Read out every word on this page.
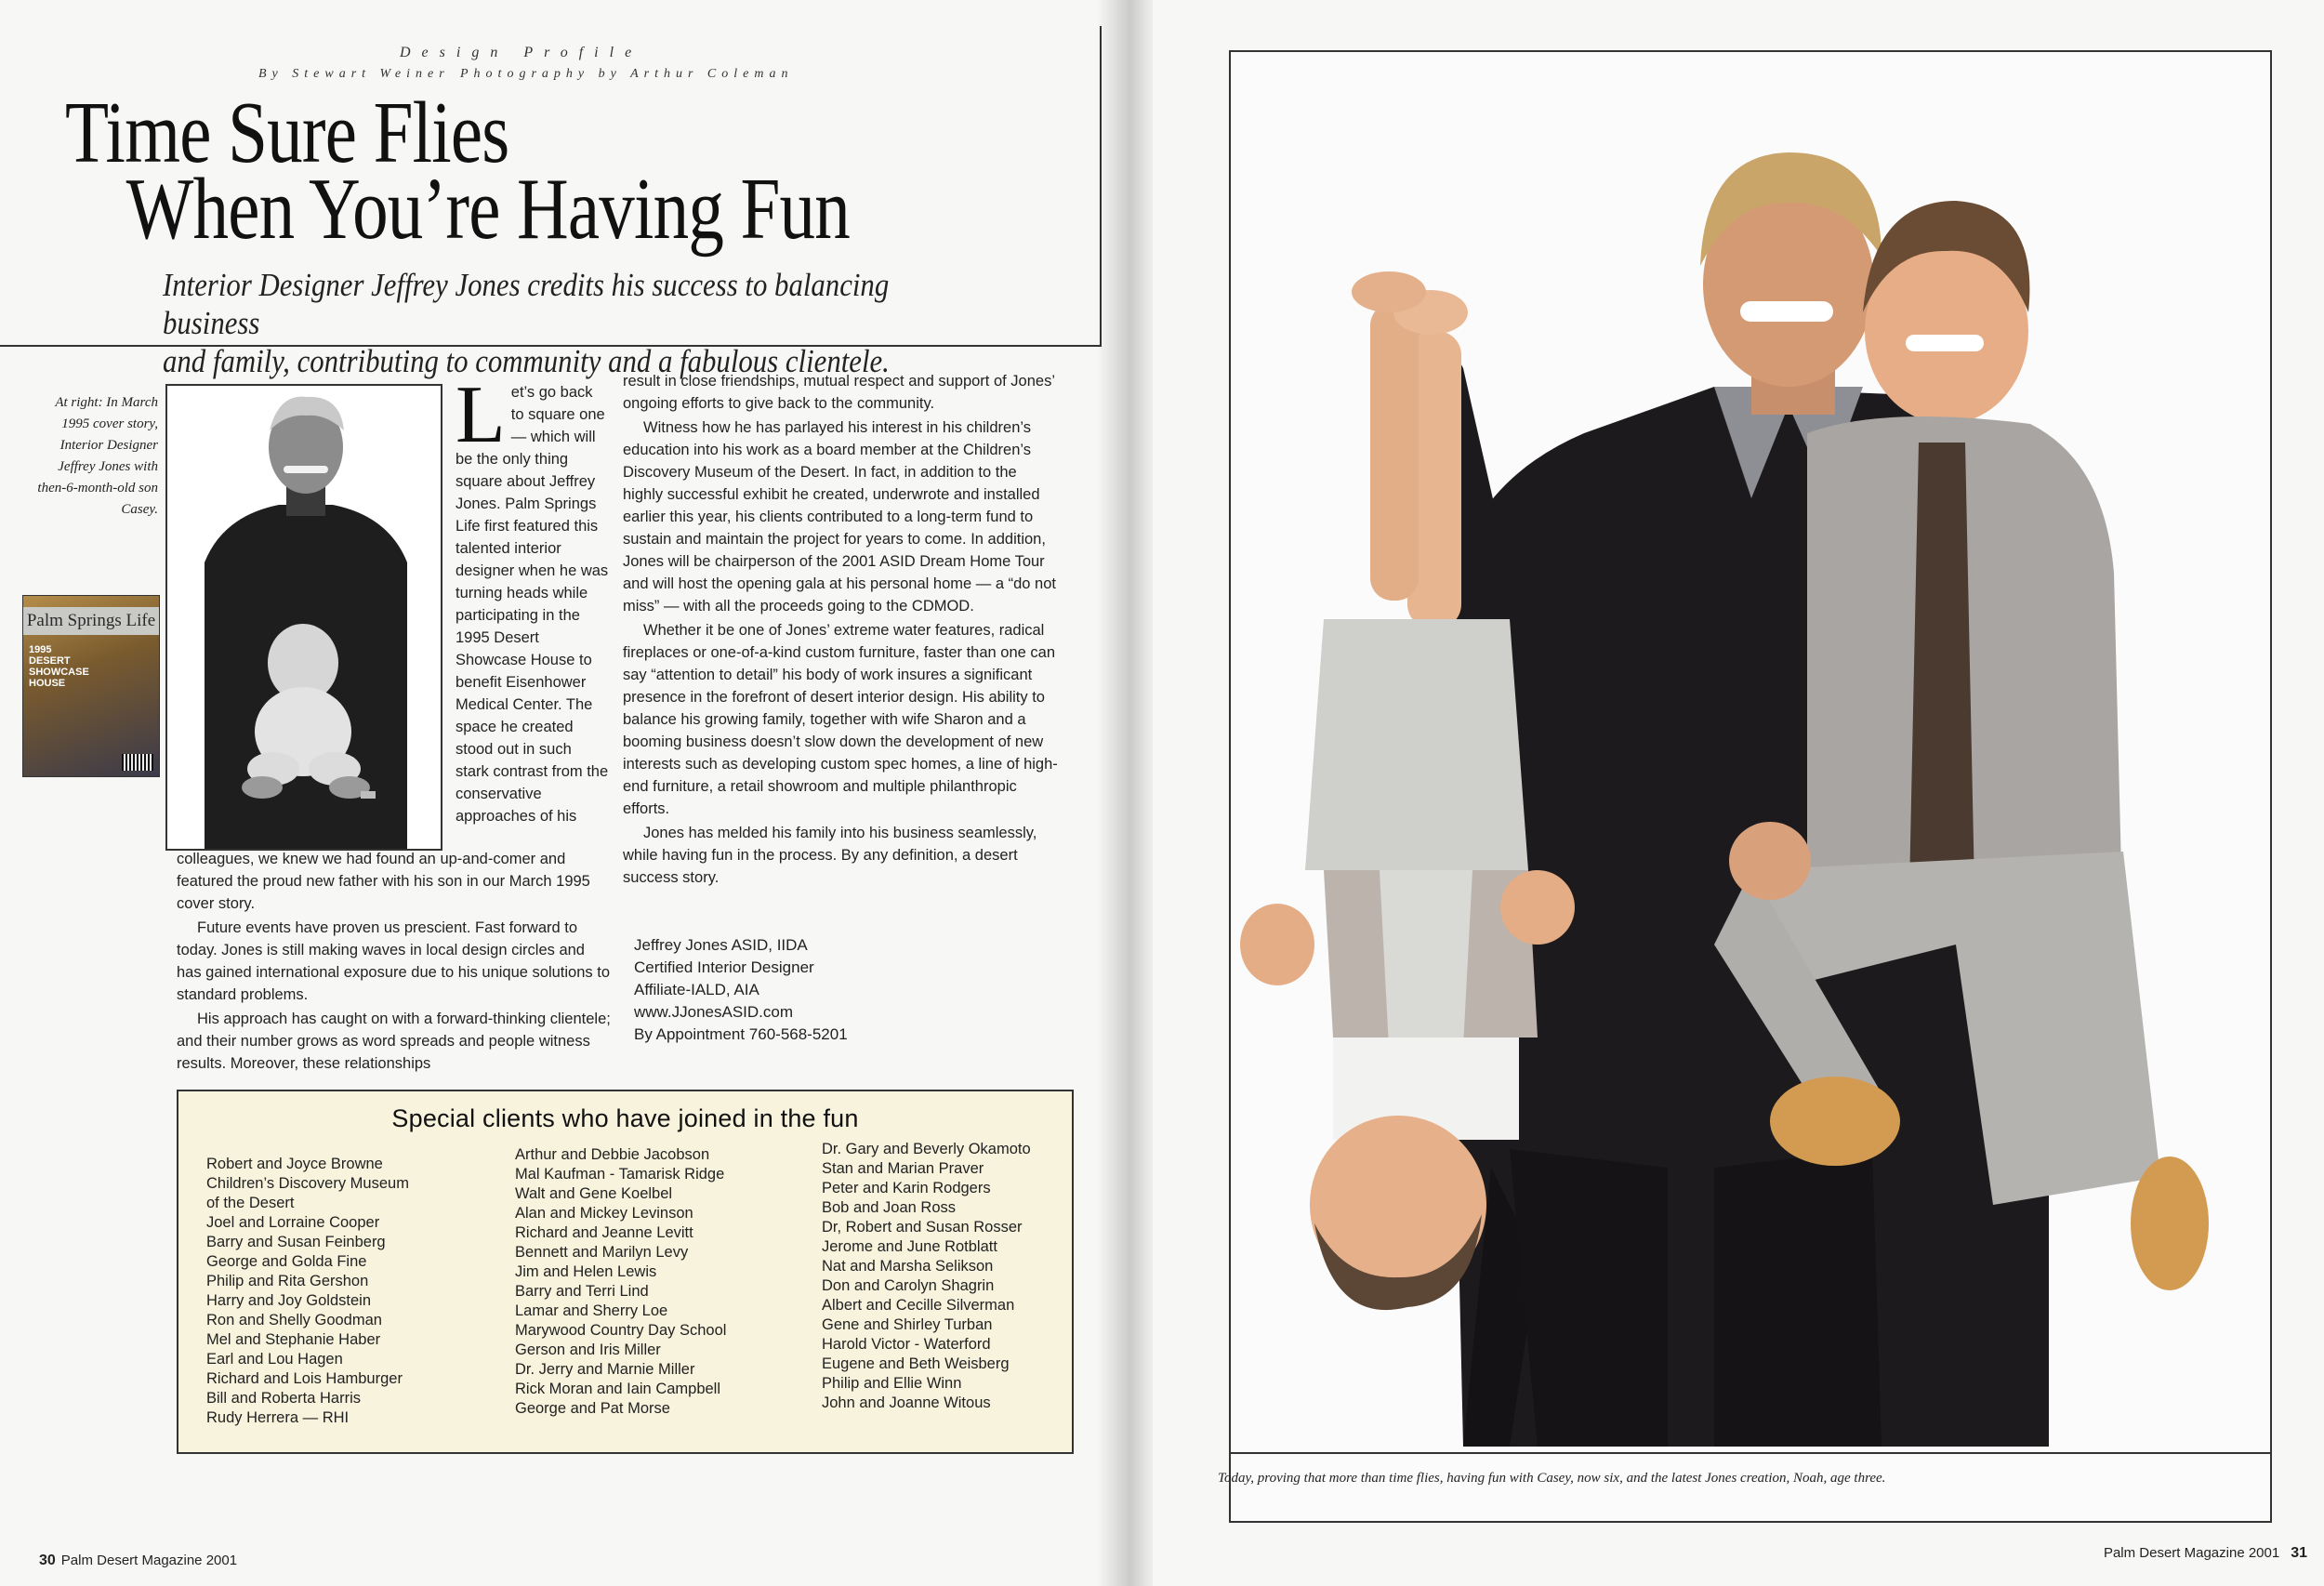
Design Profile
By Stewart Weiner Photography by Arthur Coleman
Time Sure Flies
When You’re Having Fun
Interior Designer Jeffrey Jones credits his success to balancing business
and family, contributing to community and a fabulous clientele.
At right: In March 1995 cover story, Interior Designer Jeffrey Jones with then-6-month-old son Casey.
Palm Springs Life
1995 DESERT SHOWCASE HOUSE
L et’s go back to square one — which will be the only thing square about Jeffrey Jones. Palm Springs Life first featured this talented interior designer when he was turning heads while participating in the 1995 Desert Showcase House to benefit Eisenhower Medical Center. The space he created stood out in such stark contrast from the conservative approaches of his

colleagues, we knew we had found an up-and-comer and featured the proud new father with his son in our March 1995 cover story.

Future events have proven us prescient. Fast forward to today. Jones is still making waves in local design circles and has gained international exposure due to his unique solutions to standard problems.

His approach has caught on with a forward-thinking clientele; and their number grows as word spreads and people witness results. Moreover, these relationships

result in close friendships, mutual respect and support of Jones’ ongoing efforts to give back to the community.

Witness how he has parlayed his interest in his children’s education into his work as a board member at the Children’s Discovery Museum of the Desert. In fact, in addition to the highly successful exhibit he created, underwrote and installed earlier this year, his clients contributed to a long-term fund to sustain and maintain the project for years to come. In addition, Jones will be chairperson of the 2001 ASID Dream Home Tour and will host the opening gala at his personal home — a “do not miss” — with all the proceeds going to the CDMOD.

Whether it be one of Jones’ extreme water features, radical fireplaces or one-of-a-kind custom furniture, faster than one can say “attention to detail” his body of work insures a significant presence in the forefront of desert interior design. His ability to balance his growing family, together with wife Sharon and a booming business doesn’t slow down the development of new interests such as developing custom spec homes, a line of high-end furniture, a retail showroom and multiple philanthropic efforts.

Jones has melded his family into his business seamlessly, while having fun in the process. By any definition, a desert success story.

Jeffrey Jones ASID, IIDA
Certified Interior Designer
Affiliate-IALD, AIA
www.JJonesASID.com
By Appointment 760-568-5201
Special clients who have joined in the fun
Robert and Joyce Browne
Children’s Discovery Museum
of the Desert
Joel and Lorraine Cooper
Barry and Susan Feinberg
George and Golda Fine
Philip and Rita Gershon
Harry and Joy Goldstein
Ron and Shelly Goodman
Mel and Stephanie Haber
Earl and Lou Hagen
Richard and Lois Hamburger
Bill and Roberta Harris
Rudy Herrera — RHI
Arthur and Debbie Jacobson
Mal Kaufman - Tamarisk Ridge
Walt and Gene Koelbel
Alan and Mickey Levinson
Richard and Jeanne Levitt
Bennett and Marilyn Levy
Jim and Helen Lewis
Barry and Terri Lind
Lamar and Sherry Loe
Marywood Country Day School
Gerson and Iris Miller
Dr. Jerry and Marnie Miller
Rick Moran and Iain Campbell
George and Pat Morse
Dr. Gary and Beverly Okamoto
Stan and Marian Praver
Peter and Karin Rodgers
Bob and Joan Ross
Dr, Robert and Susan Rosser
Jerome and June Rotblatt
Nat and Marsha Selikson
Don and Carolyn Shagrin
Albert and Cecille Silverman
Gene and Shirley Turban
Harold Victor - Waterford
Eugene and Beth Weisberg
Philip and Ellie Winn
John and Joanne Witous
30 Palm Desert Magazine 2001	Palm Desert Magazine 2001 31
Today, proving that more than time flies, having fun with Casey, now six, and the latest Jones creation, Noah, age three.
